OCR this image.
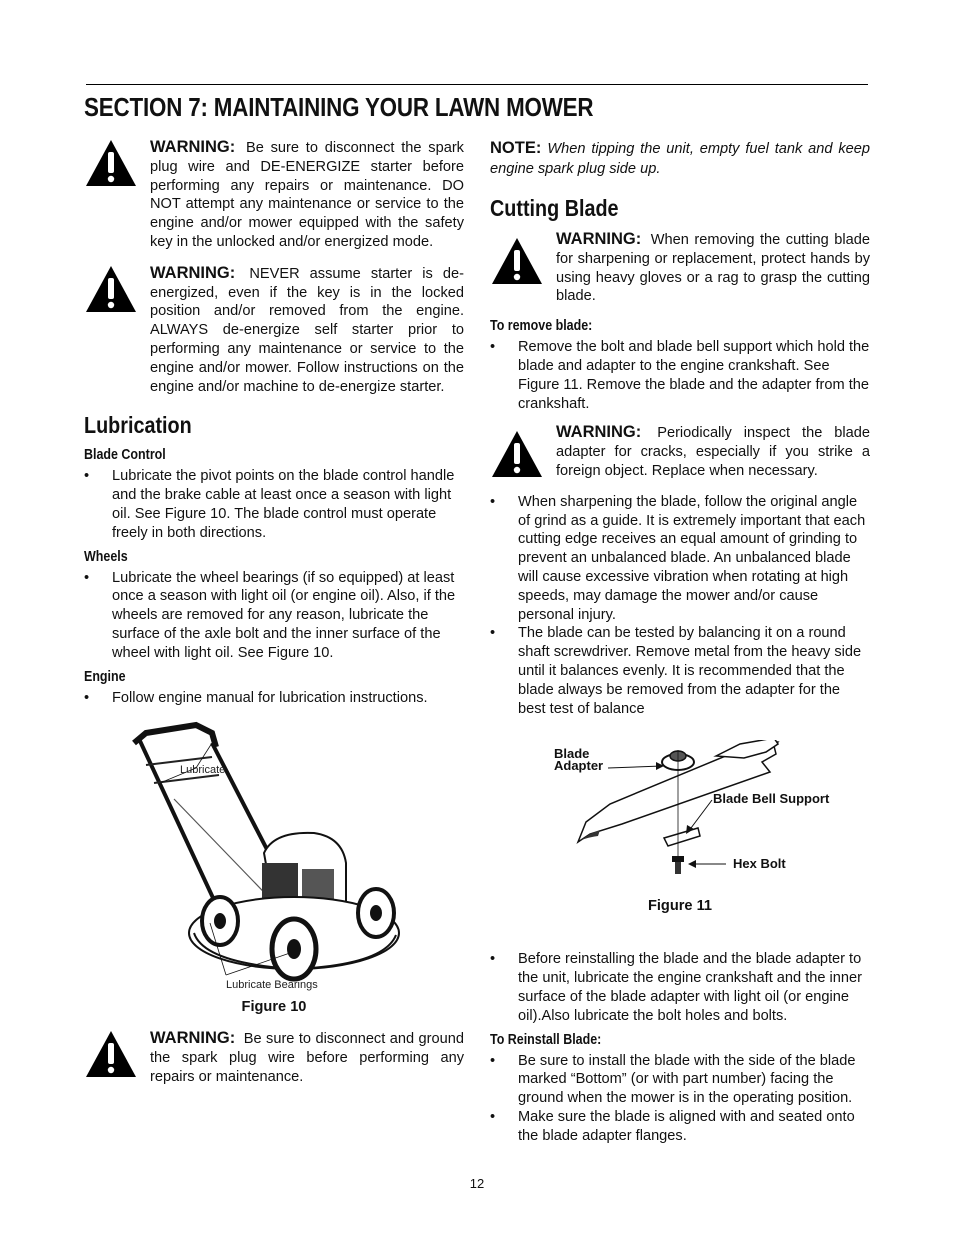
SECTION 7: MAINTAINING YOUR LAWN MOWER
WARNING: Be sure to disconnect the spark plug wire and DE-ENERGIZE starter before performing any repairs or maintenance. DO NOT attempt any maintenance or service to the engine and/or mower equipped with the safety key in the unlocked and/or energized mode.
WARNING: NEVER assume starter is de-energized, even if the key is in the locked position and/or removed from the engine. ALWAYS de-energize self starter prior to performing any maintenance or service to the engine and/or mower. Follow instructions on the engine and/or machine to de-energize starter.
Lubrication
Blade Control
• Lubricate the pivot points on the blade control handle and the brake cable at least once a season with light oil. See Figure 10. The blade control must operate freely in both directions.
Wheels
• Lubricate the wheel bearings (if so equipped) at least once a season with light oil (or engine oil). Also, if the wheels are removed for any reason, lubricate the surface of the axle bolt and the inner surface of the wheel with light oil. See Figure 10.
Engine
• Follow engine manual for lubrication instructions.
Lubricate
Lubricate Bearings
Figure 10
WARNING: Be sure to disconnect and ground the spark plug wire before performing any repairs or maintenance.
NOTE: When tipping the unit, empty fuel tank and keep engine spark plug side up.
Cutting Blade
WARNING: When removing the cutting blade for sharpening or replacement, protect hands by using heavy gloves or a rag to grasp the cutting blade.
To remove blade:
• Remove the bolt and blade bell support which hold the blade and adapter to the engine crankshaft. See Figure 11. Remove the blade and the adapter from the crankshaft.
WARNING: Periodically inspect the blade adapter for cracks, especially if you strike a foreign object. Replace when necessary.
• When sharpening the blade, follow the original angle of grind as a guide. It is extremely important that each cutting edge receives an equal amount of grinding to prevent an unbalanced blade. An unbalanced blade will cause excessive vibration when rotating at high speeds, may damage the mower and/or cause personal injury.
• The blade can be tested by balancing it on a round shaft screwdriver. Remove metal from the heavy side until it balances evenly. It is recommended that the blade always be removed from the adapter for the best test of balance
Blade
Adapter
Blade Bell Support
Hex Bolt
Figure 11
• Before reinstalling the blade and the blade adapter to the unit, lubricate the engine crankshaft and the inner surface of the blade adapter with light oil (or engine oil).Also lubricate the bolt holes and bolts.
To Reinstall Blade:
• Be sure to install the blade with the side of the blade marked “Bottom” (or with part number) facing the ground when the mower is in the operating position.
• Make sure the blade is aligned with and seated onto the blade adapter flanges.
12
